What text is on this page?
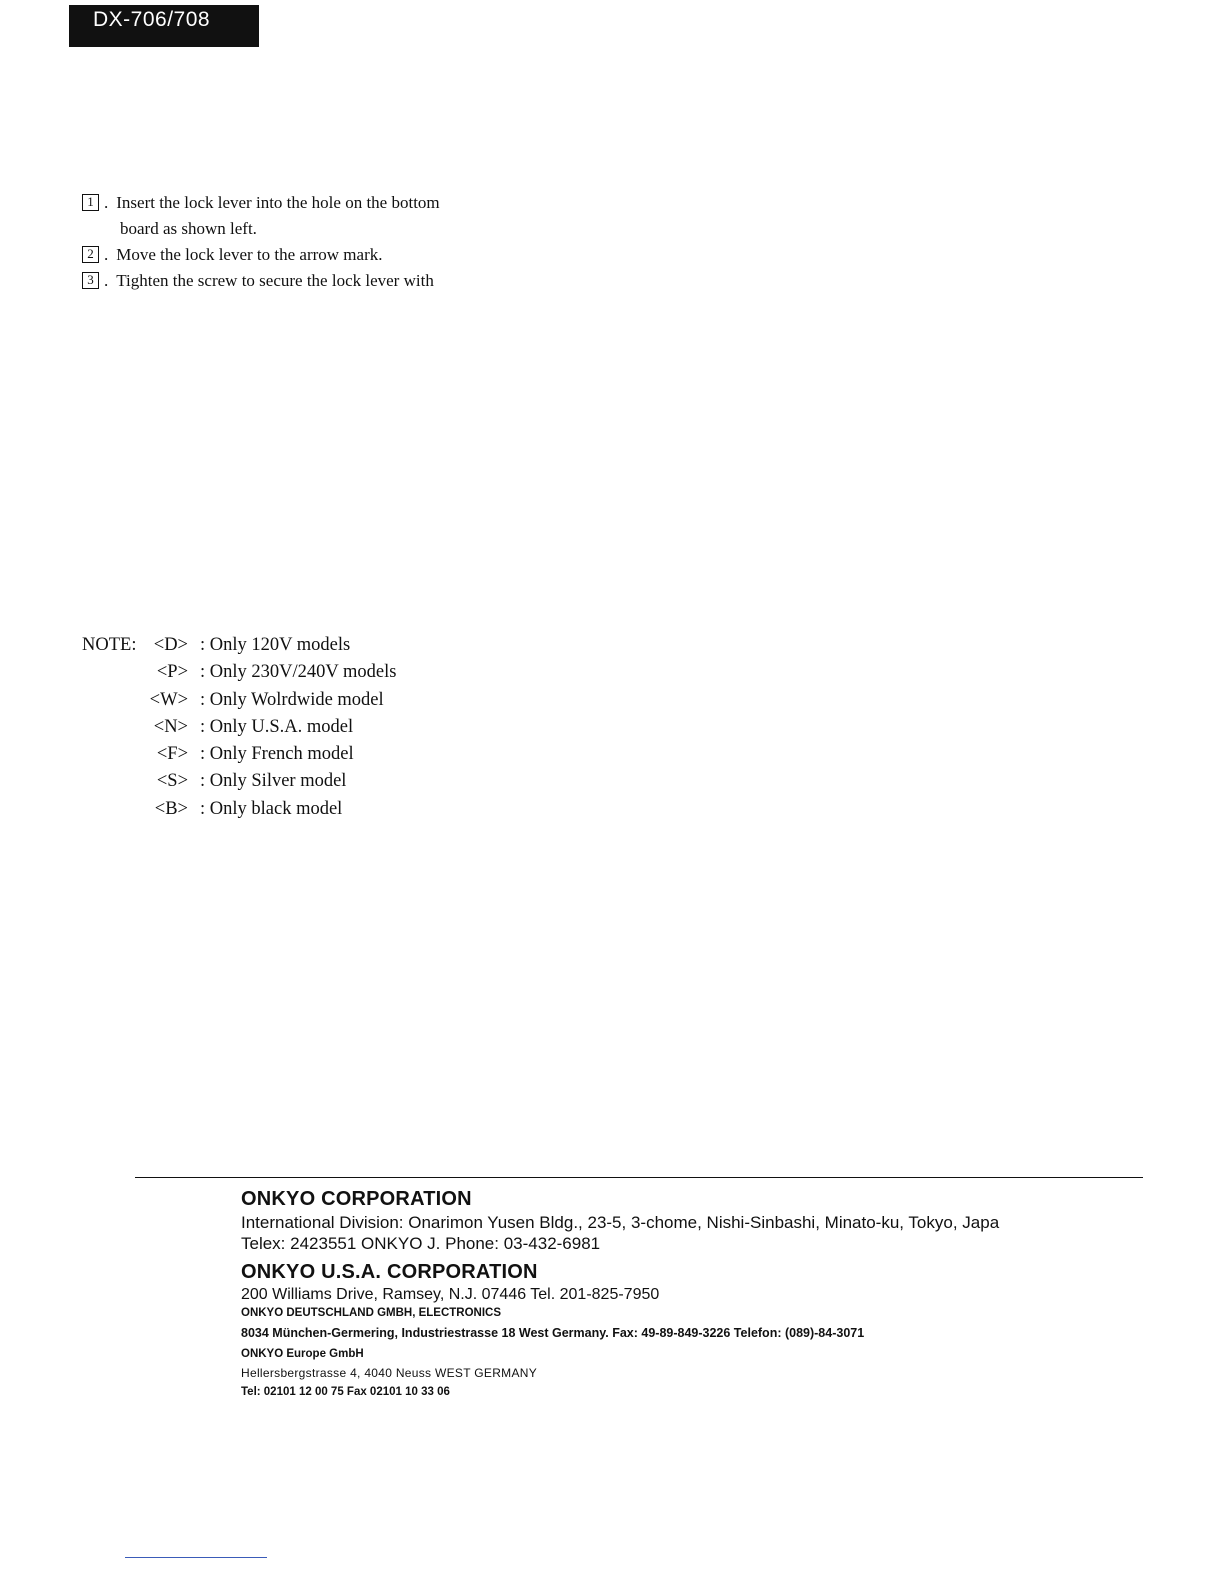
DX-706/708
1 . Insert the lock lever into the hole on the bottom
board as shown left.
2 . Move the lock lever to the arrow mark.
3 . Tighten the screw to secure the lock lever with
NOTE: <D> : Only 120V models
<P> : Only 230V/240V models
<W> : Only Wolrdwide model
<N> : Only U.S.A. model
<F> : Only French model
<S> : Only Silver model
<B> : Only black model
ONKYO CORPORATION
International Division: Onarimon Yusen Bldg., 23-5, 3-chome, Nishi-Sinbashi, Minato-ku, Tokyo, Japa
Telex: 2423551 ONKYO J. Phone: 03-432-6981
ONKYO U.S.A. CORPORATION
200 Williams Drive, Ramsey, N.J. 07446 Tel. 201-825-7950
ONKYO DEUTSCHLAND GMBH, ELECTRONICS
8034 München-Germering, Industriestrasse 18 West Germany. Fax: 49-89-849-3226 Telefon: (089)-84-3071
ONKYO Europe GmbH
Hellersbergstrasse 4, 4040 Neuss WEST GERMANY
Tel: 02101 12 00 75 Fax 02101 10 33 06
